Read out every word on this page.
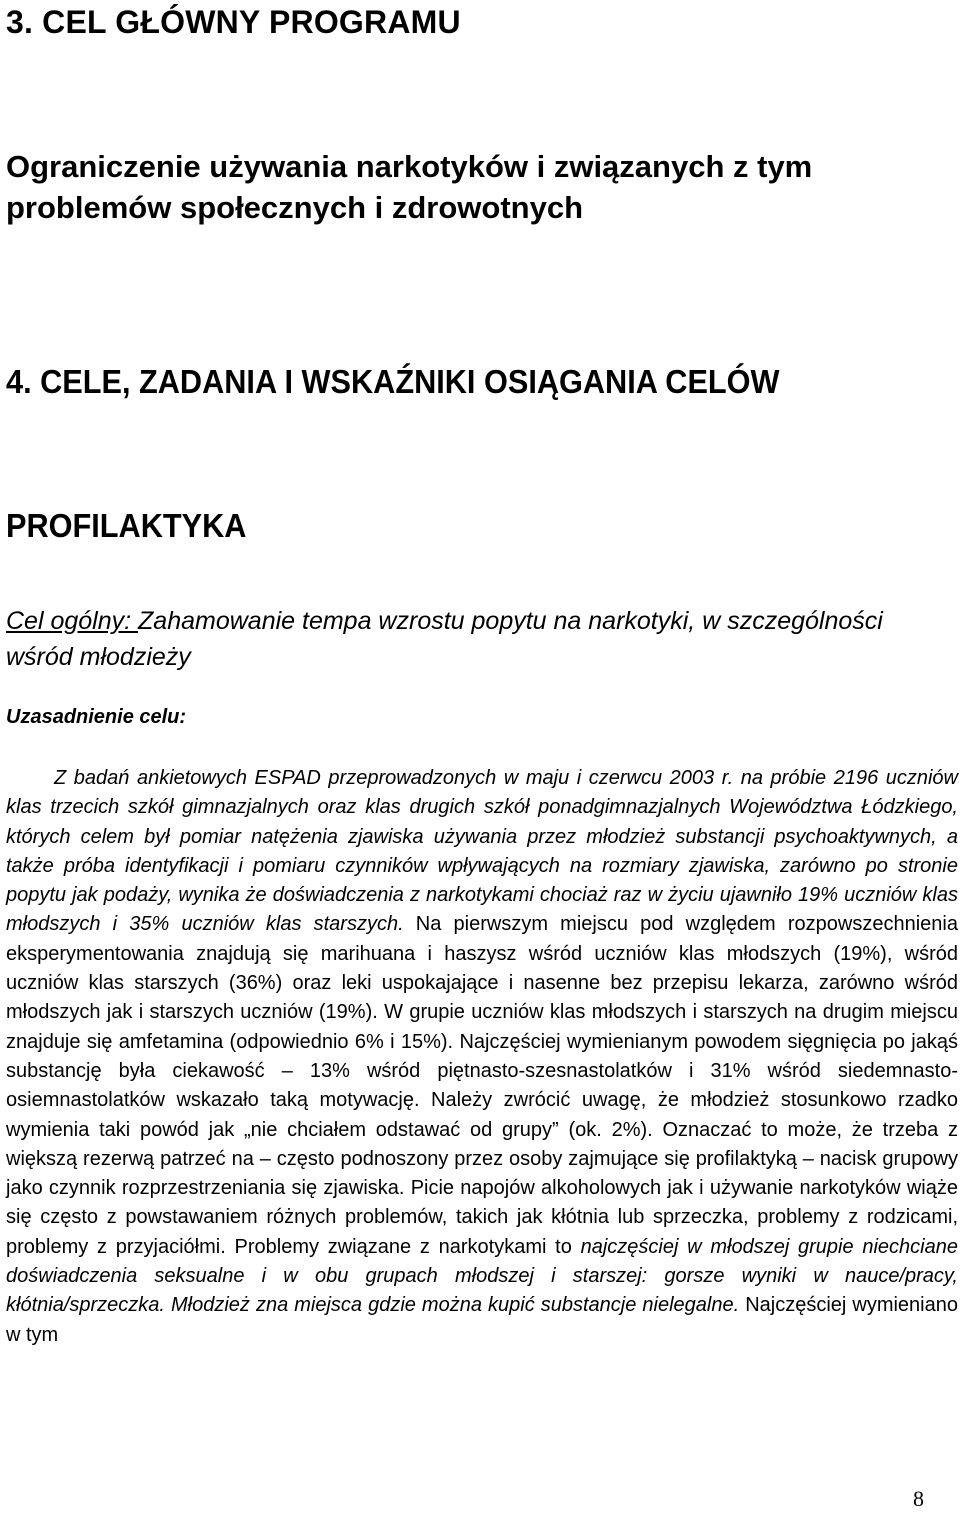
3. CEL GŁÓWNY PROGRAMU

Ograniczenie używania narkotyków i związanych z tym problemów społecznych i zdrowotnych

4. CELE, ZADANIA I WSKAŹNIKI OSIĄGANIA CELÓW
PROFILAKTYKA

Cel ogólny: Zahamowanie tempa wzrostu popytu na narkotyki, w szczególności wśród młodzieży

Uzasadnienie celu:

Z badań ankietowych ESPAD przeprowadzonych w maju i czerwcu 2003 r. na próbie 2196 uczniów klas trzecich szkół gimnazjalnych oraz klas drugich szkół ponadgimnazjalnych Województwa Łódzkiego, których celem był pomiar natężenia zjawiska używania przez młodzież substancji psychoaktywnych, a także próba identyfikacji i pomiaru czynników wpływających na rozmiary zjawiska, zarówno po stronie popytu jak podaży, wynika że doświadczenia z narkotykami chociaż raz w życiu ujawniło 19% uczniów klas młodszych i 35% uczniów klas starszych. Na pierwszym miejscu pod względem rozpowszechnienia eksperymentowania znajdują się marihuana i haszysz wśród uczniów klas młodszych (19%), wśród uczniów klas starszych (36%) oraz leki uspokajające i nasenne bez przepisu lekarza, zarówno wśród młodszych jak i starszych uczniów (19%). W grupie uczniów klas młodszych i starszych na drugim miejscu znajduje się amfetamina (odpowiednio 6% i 15%). Najczęściej wymienianym powodem sięgnięcia po jakąś substancję była ciekawość – 13% wśród piętnasto-szesnastolatków i 31% wśród siedemnasto-osiemnastolatków wskazało taką motywację. Należy zwrócić uwagę, że młodzież stosunkowo rzadko wymienia taki powód jak „nie chciałem odstawać od grupy” (ok. 2%). Oznaczać to może, że trzeba z większą rezerwą patrzeć na – często podnoszony przez osoby zajmujące się profilaktyką – nacisk grupowy jako czynnik rozprzestrzeniania się zjawiska. Picie napojów alkoholowych jak i używanie narkotyków wiąże się często z powstawaniem różnych problemów, takich jak kłótnia lub sprzeczka, problemy z rodzicami, problemy z przyjaciółmi. Problemy związane z narkotykami to najczęściej w młodszej grupie niechciane doświadczenia seksualne i w obu grupach młodszej i starszej: gorsze wyniki w nauce/pracy, kłótnia/sprzeczka. Młodzież zna miejsca gdzie można kupić substancje nielegalne. Najczęściej wymieniano w tym

8
